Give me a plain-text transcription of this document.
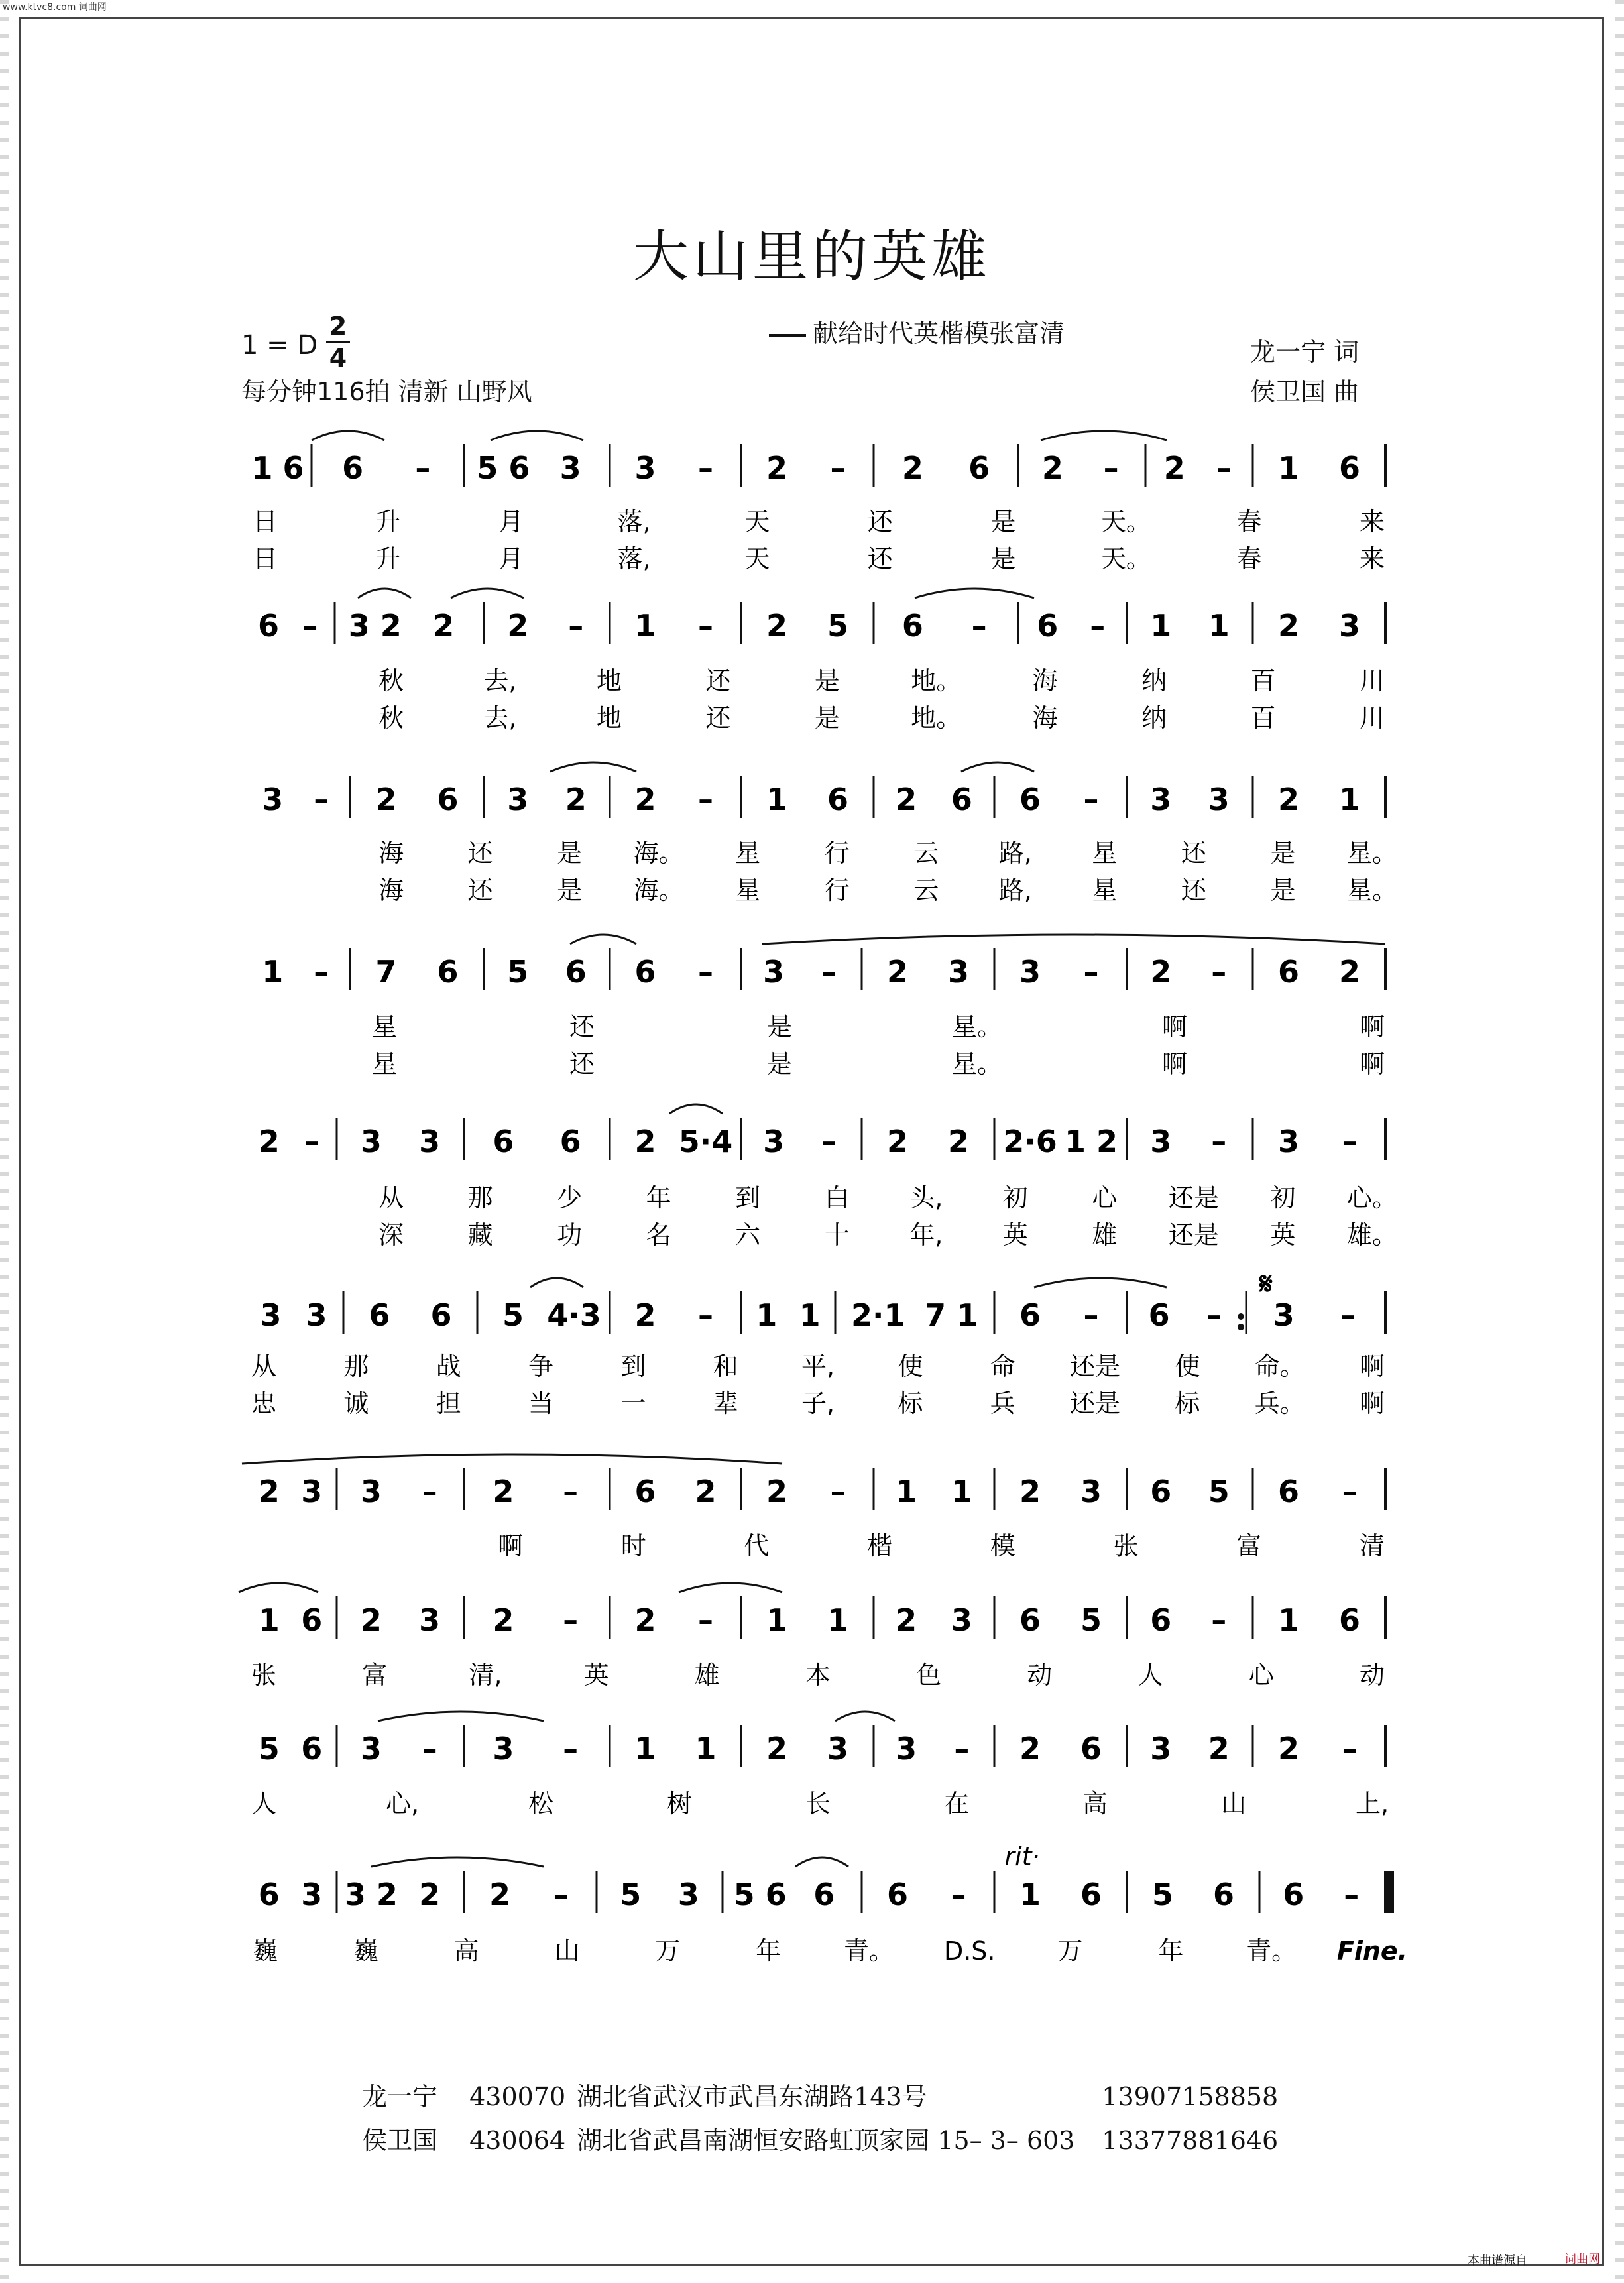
www.ktvc8.com 词曲网
大山里的英雄
1 = D
2
4
每分钟116拍 清新 山野风
献给时代英楷模张富清
龙一宁 词
侯卫国 曲
1 6 6 – 5 6 3 3 – 2 – 2 6 2 – 2 – 1 6
6 – 3 2 2 2 – 1 – 2 5 6 – 6 – 1 1 2 3
3 – 2 6 3 2 2 – 1 6 2 6 6 – 3 3 2 1
1 – 7 6 5 6 6 – 3 – 2 3 3 – 2 – 6 2
2 – 3 3 6 6 2 5·4 3 – 2 2 2·6 1 2 3 – 3 –
3 3 6 6 5 4·3 2 – 1 1 2·1 7 1 6 – 6 – 3 –
2 3 3 – 2 – 6 2 2 – 1 1 2 3 6 5 6 –
1 6 2 3 2 – 2 – 1 1 2 3 6 5 6 – 1 6
5 6 3 – 3 – 1 1 2 3 3 – 2 6 3 2 2 –
6 3 3 2 2 2 – 5 3 5 6 6 6 – 1 6 5 6 6 –
日	升	月	落,	天	还	是	天。	春	来
日	升	月	落,	天	还	是	天。	春	来
秋	去,	地	还	是	地。	海	纳	百	川
秋	去,	地	还	是	地。	海	纳	百	川
海	还	是 海。 星	行	云 路, 星	还	是 星。
海	还	是 海。 星	行	云 路, 星	还	是 星。
星	还	是	星。	啊	啊
星	还	是	星。	啊	啊
从	那	少	年	到	白 头, 初	心 还是 初 心。
深	藏	功	名	六	十 年, 英	雄 还是 英 雄。
从	那	战	争	到	和	平,	使	命 还是 使 命。 啊
忠	诚	担	当	一	辈	子,	标	兵 还是 标 兵。 啊
啊	时	代	楷	模	张	富	清
张	富	清,	英	雄	本	色	动	人	心	动
人	心,	松	树	长	在	高	山	上,
巍	巍	高	山	万	年 青。 D.S. 万	年 青。 Fine.
rit·
𝄋
龙一宁 430070 湖北省武汉市武昌东湖路143号	13907158858
侯卫国 430064 湖北省武昌南湖恒安路虹顶家园 15– 3– 603 13377881646
本曲谱源自	词曲网
